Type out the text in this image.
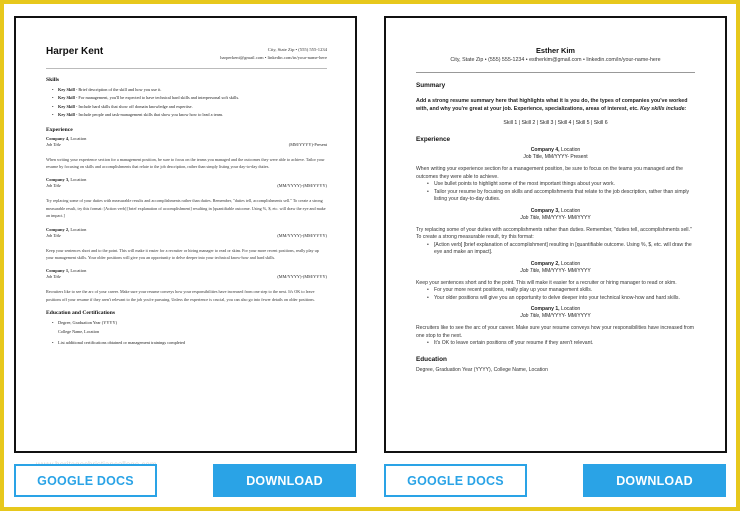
Harper Kent	City, State Zip • (555) 555-1234
harperkent@gmail.com • linkedin.com/in/your-name-here
Skills
• Key Skill - Brief description of the skill and how you use it.
• Key Skill - For management, you'll be expected to have technical hard skills and interpersonal soft skills.
• Key Skill - Include hard skills that show off domain knowledge and expertise.
• Key Skill - Include people and task-management skills that show you know how to lead a team.
Experience
Company 4, Location
Job Title	(MM/YYYY)-Present

When writing your experience section for a management position, be sure to focus on the teams you managed and the outcomes they were able to achieve. Tailor your resume by focusing on skills and accomplishments that relate to the job description, rather than simply listing your day-to-day duties.

Company 3, Location
Job Title	(MM/YYYY)-(MM/YYYY)

Try replacing some of your duties with measurable results and accomplishments rather than duties. Remember, "duties tell, accomplishments sell." To create a strong measurable result, try this format: [Action verb] [brief explanation of accomplishment] resulting in [quantifiable outcome. Using %, $, etc. will draw the eye and make an impact.]

Company 2, Location
Job Title	(MM/YYYY)-(MM/YYYY)

Keep your sentences short and to the point. This will make it easier for a recruiter or hiring manager to read or skim. For your more recent positions, really play up your management skills. Your older positions will give you an opportunity to delve deeper into your technical know-how and hard skills.

Company 1, Location
Job Title	(MM/YYYY)-(MM/YYYY)

Recruiters like to see the arc of your career. Make sure your resume conveys how your responsibilities have increased from one step to the next. It's OK to leave positions off your resume if they aren't relevant to the job you're pursuing. Unless the experience is crucial, you can also go into fewer details on older positions.

Education and Certifications
• Degree, Graduation Year (YYYY)
College Name, Location
• List additional certifications obtained or management trainings completed
Esther Kim
City, State Zip • (555) 555-1234 • estherkim@gmail.com • linkedin.com/in/your-name-here
Summary
Add a strong resume summary here that highlights what it is you do, the types of companies you've worked with, and why you're great at your job. Experience, specializations, areas of interest, etc. Key skills include:
Skill 1 | Skill 2 | Skill 3 | Skill 4 | Skill 5 | Skill 6
Experience
Company 4, Location
Job Title, MM/YYYY- Present

When writing your experience section for a management position, be sure to focus on the teams you managed and the outcomes they were able to achieve.

• Use bullet points to highlight some of the most important things about your work.
• Tailor your resume by focusing on skills and accomplishments that relate to the job description, rather than simply listing your day-to-day duties.
Company 3, Location
Job Title, MM/YYYY- MM/YYYY

Try replacing some of your duties with accomplishments rather than duties. Remember, "duties tell, accomplishments sell." To create a strong measurable result, try this format:

• [Action verb] [brief explanation of accomplishment] resulting in [quantifiable outcome. Using %, $, etc. will draw the eye and make an impact].
Company 2, Location
Job Title, MM/YYYY- MM/YYYY

Keep your sentences short and to the point. This will make it easier for a recruiter or hiring manager to read or skim.

• For your more recent positions, really play up your management skills.
• Your older positions will give you an opportunity to delve deeper into your technical know-how and hard skills.
Company 1, Location
Job Title, MM/YYYY- MM/YYYY

Recruiters like to see the arc of your career. Make sure your resume conveys how your responsibilities have increased from one stop to the next.

• It's OK to leave certain positions off your resume if they aren't relevant.
Education
Degree, Graduation Year (YYYY), College Name, Location
GOOGLE DOCS	DOWNLOAD	GOOGLE DOCS	DOWNLOAD
